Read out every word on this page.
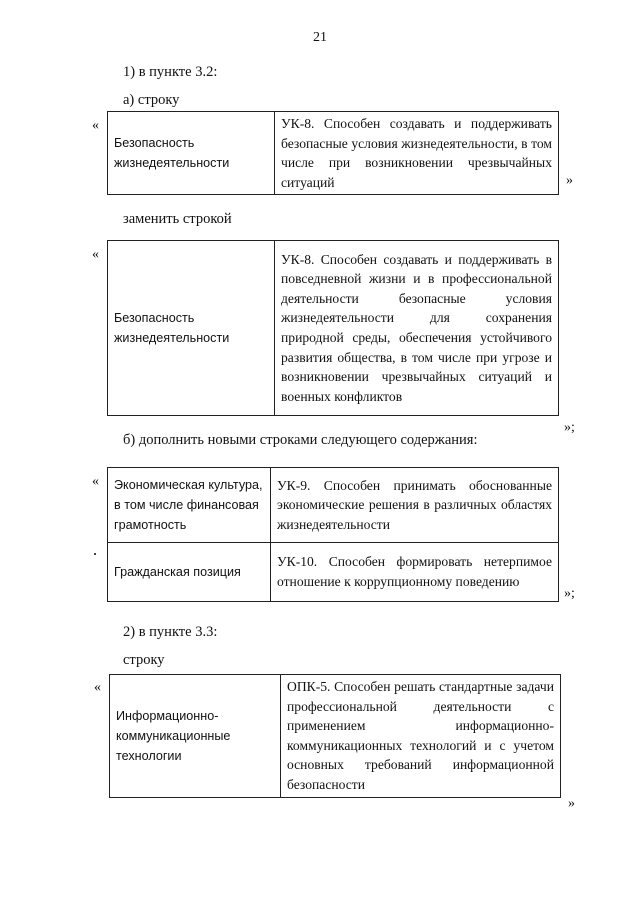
21
1) в пункте 3.2:
а) строку
«
Безопасность жизнедеятельности	УК-8. Способен создавать и поддерживать безопасные условия жизнедеятельности, в том числе при возникновении чрезвычайных ситуаций	»
заменить строкой
«
Безопасность жизнедеятельности	УК-8. Способен создавать и поддерживать в повседневной жизни и в профессиональной деятельности безопасные условия жизнедеятельности для сохранения природной среды, обеспечения устойчивого развития общества, в том числе при угрозе и возникновении чрезвычайных ситуаций и военных конфликтов
»;
б) дополнить новыми строками следующего содержания:
« Экономическая культура, в том числе финансовая грамотность	УК-9. Способен принимать обоснованные экономические решения в различных областях жизнедеятельности
Гражданская позиция	УК-10. Способен формировать нетерпимое отношение к коррупционному поведению
»;
2) в пункте 3.3:
строку
«
Информационно-коммуникационные технологии	ОПК-5. Способен решать стандартные задачи профессиональной деятельности с применением информационно-коммуникационных технологий и с учетом основных требований информационной безопасности
»
